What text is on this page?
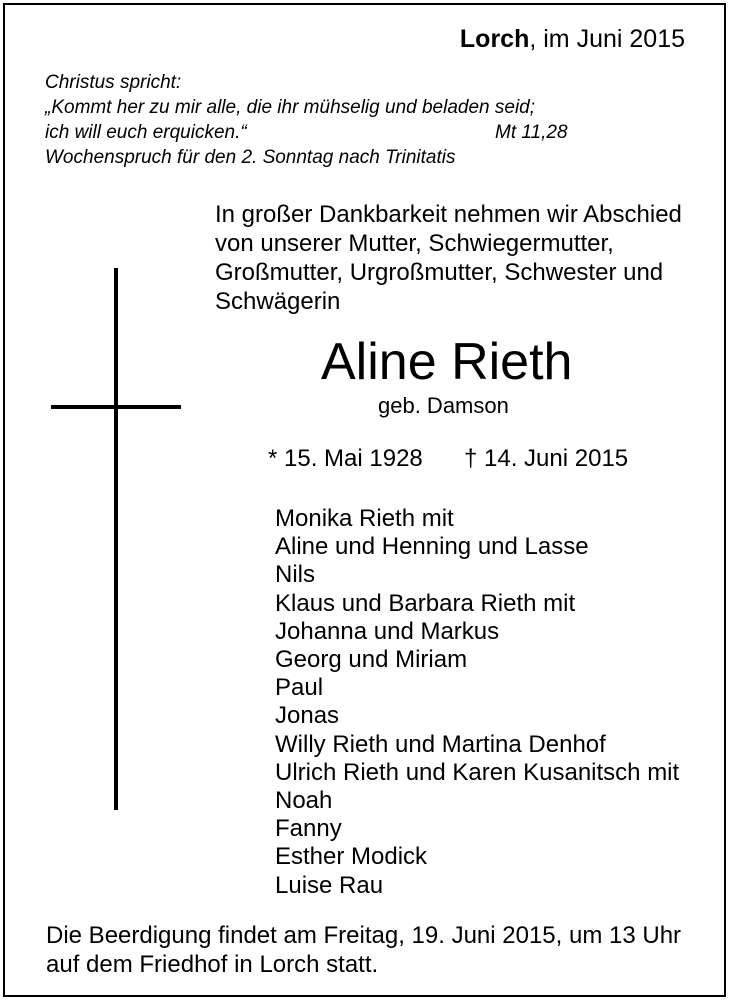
Lorch, im Juni 2015
Christus spricht:
„Kommt her zu mir alle, die ihr mühselig und beladen seid;
ich will euch erquicken.“
Wochenspruch für den 2. Sonntag nach Trinitatis
Mt 11,28
In großer Dankbarkeit nehmen wir Abschied
von unserer Mutter, Schwiegermutter,
Großmutter, Urgroßmutter, Schwester und
Schwägerin
Aline Rieth
geb. Damson
* 15. Mai 1928 † 14. Juni 2015
Monika Rieth mit
Aline und Henning und Lasse
Nils
Klaus und Barbara Rieth mit
Johanna und Markus
Georg und Miriam
Paul
Jonas
Willy Rieth und Martina Denhof
Ulrich Rieth und Karen Kusanitsch mit
Noah
Fanny
Esther Modick
Luise Rau
Die Beerdigung findet am Freitag, 19. Juni 2015, um 13 Uhr
auf dem Friedhof in Lorch statt.
